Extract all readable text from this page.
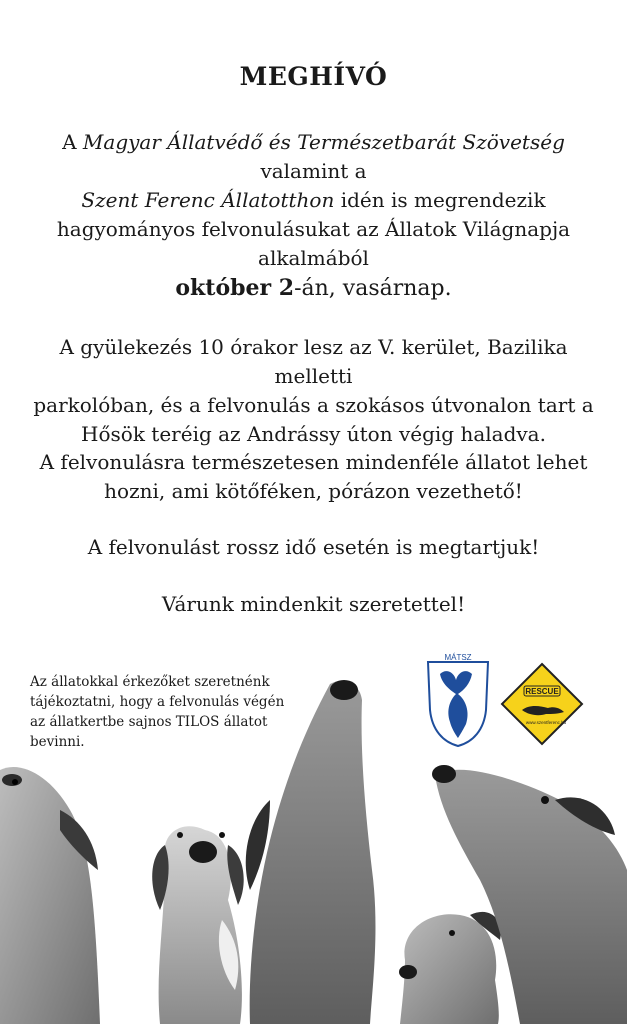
MEGHÍVÓ
A Magyar Állatvédő és Természetbarát Szövetség valamint a
Szent Ferenc Állatotthon idén is megrendezik
hagyományos felvonulásukat az Állatok Világnapja
alkalmából
október 2-án, vasárnap.
A gyülekezés 10 órakor lesz az V. kerület, Bazilika melletti
parkolóban, és a felvonulás a szokásos útvonalon tart a
Hősök teréig az Andrássy úton végig haladva.
A felvonulásra természetesen mindenféle állatot lehet
hozni, ami kötőféken, pórázon vezethető!
A felvonulást rossz idő esetén is megtartjuk!
Várunk mindenkit szeretettel!
Az állatokkal érkezőket szeretnénk
tájékoztatni, hogy a felvonulás végén
az állatkertbe sajnos TILOS állatot
bevinni.
MÁTSZ
RESCUE
www.szentferenc.hu
